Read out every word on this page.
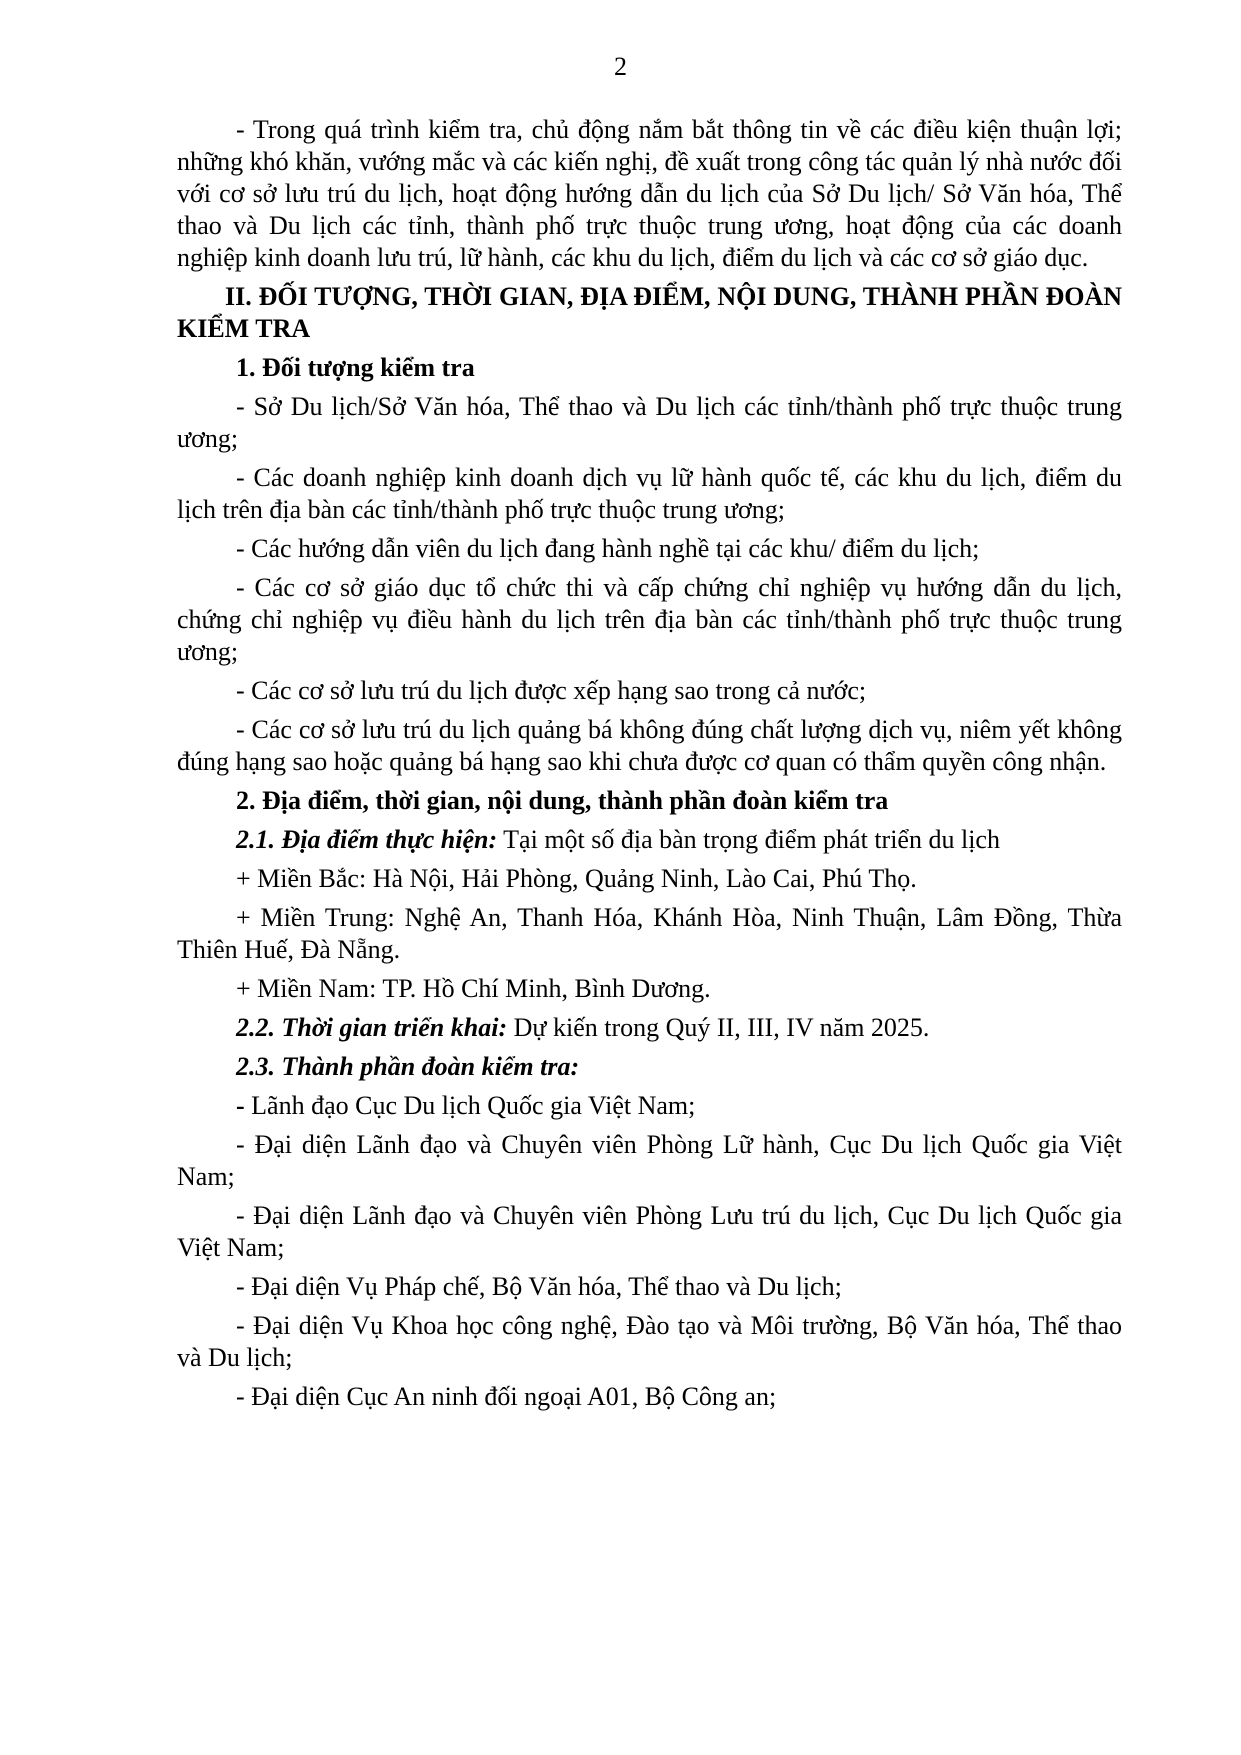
2

- Trong quá trình kiểm tra, chủ động nắm bắt thông tin về các điều kiện thuận lợi; những khó khăn, vướng mắc và các kiến nghị, đề xuất trong công tác quản lý nhà nước đối với cơ sở lưu trú du lịch, hoạt động hướng dẫn du lịch của Sở Du lịch/ Sở Văn hóa, Thể thao và Du lịch các tỉnh, thành phố trực thuộc trung ương, hoạt động của các doanh nghiệp kinh doanh lưu trú, lữ hành, các khu du lịch, điểm du lịch và các cơ sở giáo dục.

II. ĐỐI TƯỢNG, THỜI GIAN, ĐỊA ĐIỂM, NỘI DUNG, THÀNH PHẦN ĐOÀN KIỂM TRA

1. Đối tượng kiểm tra

- Sở Du lịch/Sở Văn hóa, Thể thao và Du lịch các tỉnh/thành phố trực thuộc trung ương;

- Các doanh nghiệp kinh doanh dịch vụ lữ hành quốc tế, các khu du lịch, điểm du lịch trên địa bàn các tỉnh/thành phố trực thuộc trung ương;

- Các hướng dẫn viên du lịch đang hành nghề tại các khu/ điểm du lịch;

- Các cơ sở giáo dục tổ chức thi và cấp chứng chỉ nghiệp vụ hướng dẫn du lịch, chứng chỉ nghiệp vụ điều hành du lịch trên địa bàn các tỉnh/thành phố trực thuộc trung ương;

- Các cơ sở lưu trú du lịch được xếp hạng sao trong cả nước;

- Các cơ sở lưu trú du lịch quảng bá không đúng chất lượng dịch vụ, niêm yết không đúng hạng sao hoặc quảng bá hạng sao khi chưa được cơ quan có thẩm quyền công nhận.

2. Địa điểm, thời gian, nội dung, thành phần đoàn kiểm tra

2.1. Địa điểm thực hiện: Tại một số địa bàn trọng điểm phát triển du lịch

+ Miền Bắc: Hà Nội, Hải Phòng, Quảng Ninh, Lào Cai, Phú Thọ.

+ Miền Trung: Nghệ An, Thanh Hóa, Khánh Hòa, Ninh Thuận, Lâm Đồng, Thừa Thiên Huế, Đà Nẵng.

+ Miền Nam: TP. Hồ Chí Minh, Bình Dương.

2.2. Thời gian triển khai: Dự kiến trong Quý II, III, IV năm 2025.

2.3. Thành phần đoàn kiểm tra:

- Lãnh đạo Cục Du lịch Quốc gia Việt Nam;

- Đại diện Lãnh đạo và Chuyên viên Phòng Lữ hành, Cục Du lịch Quốc gia Việt Nam;

- Đại diện Lãnh đạo và Chuyên viên Phòng Lưu trú du lịch, Cục Du lịch Quốc gia Việt Nam;

- Đại diện Vụ Pháp chế, Bộ Văn hóa, Thể thao và Du lịch;

- Đại diện Vụ Khoa học công nghệ, Đào tạo và Môi trường, Bộ Văn hóa, Thể thao và Du lịch;

- Đại diện Cục An ninh đối ngoại A01, Bộ Công an;
